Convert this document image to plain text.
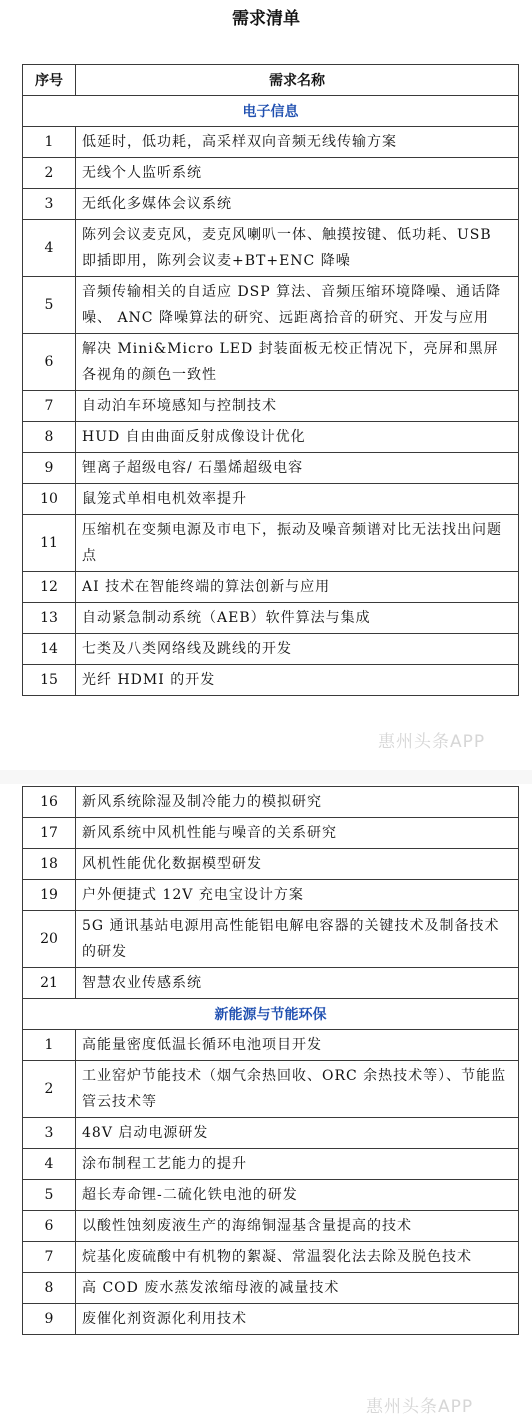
需求清单
序号	需求名称
电子信息	
1	低延时，低功耗，高采样双向音频无线传输方案
2	无线个人监听系统
3	无纸化多媒体会议系统
4	陈列会议麦克风，麦克风喇叭一体、触摸按键、低功耗、USB 即插即用，陈列会议麦+BT+ENC 降噪
5	音频传输相关的自适应 DSP 算法、音频压缩环境降噪、通话降噪、 ANC 降噪算法的研究、远距离拾音的研究、开发与应用
6	解决 Mini&Micro LED 封装面板无校正情况下，亮屏和黑屏各视角的颜色一致性
7	自动泊车环境感知与控制技术
8	HUD 自由曲面反射成像设计优化
9	锂离子超级电容/ 石墨烯超级电容
10	鼠笼式单相电机效率提升
11	压缩机在变频电源及市电下，振动及噪音频谱对比无法找出问题点
12	AI 技术在智能终端的算法创新与应用
13	自动紧急制动系统（AEB）软件算法与集成
14	七类及八类网络线及跳线的开发
15	光纤 HDMI 的开发
16	新风系统除湿及制冷能力的模拟研究
17	新风系统中风机性能与噪音的关系研究
18	风机性能优化数据模型研发
19	户外便捷式 12V 充电宝设计方案
20	5G 通讯基站电源用高性能铝电解电容器的关键技术及制备技术的研发
21	智慧农业传感系统
新能源与节能环保	
1	高能量密度低温长循环电池项目开发
2	工业窑炉节能技术（烟气余热回收、ORC 余热技术等）、节能监管云技术等
3	48V 启动电源研发
4	涂布制程工艺能力的提升
5	超长寿命锂-二硫化铁电池的研发
6	以酸性蚀刻废液生产的海绵铜湿基含量提高的技术
7	烷基化废硫酸中有机物的絮凝、常温裂化法去除及脱色技术
8	高 COD 废水蒸发浓缩母液的减量技术
9	废催化剂资源化利用技术
惠州头条APP
惠州头条APP
